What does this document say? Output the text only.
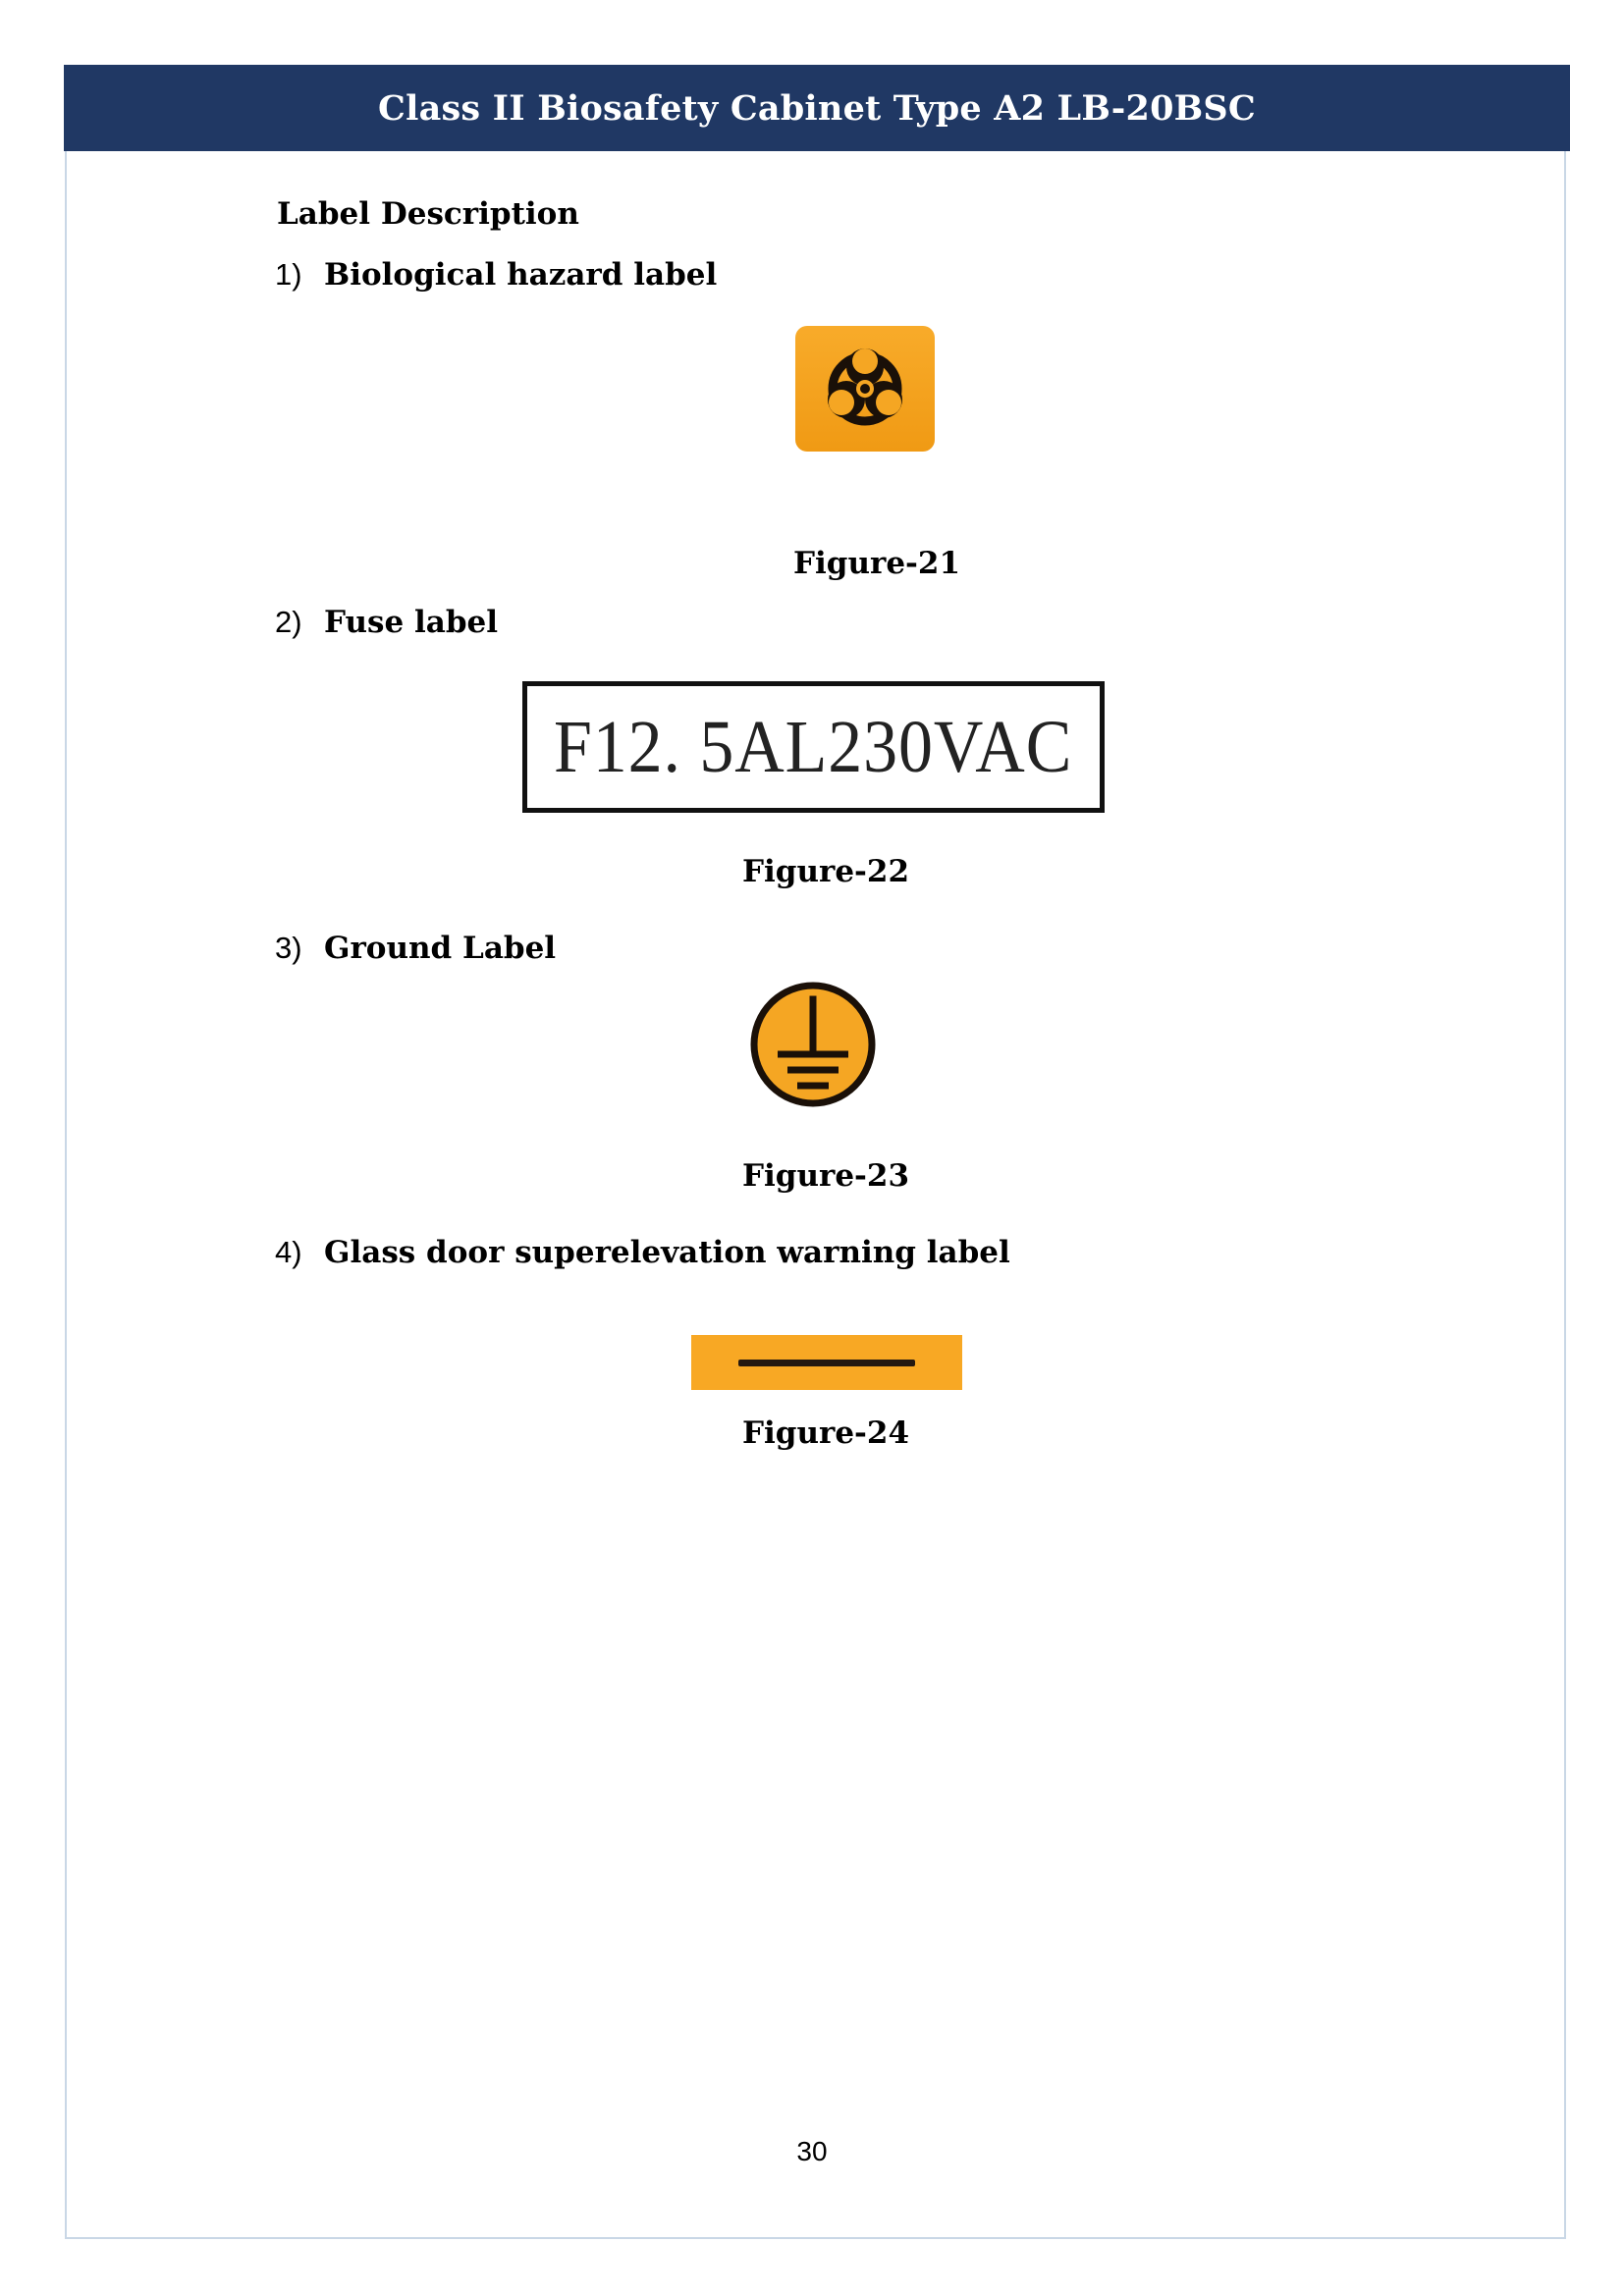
Class II Biosafety Cabinet Type A2 LB-20BSC
Label Description
1) Biological hazard label
Figure-21
2) Fuse label
F12. 5AL230VAC
Figure-22
3) Ground Label
Figure-23
4) Glass door superelevation warning label
Figure-24
30
